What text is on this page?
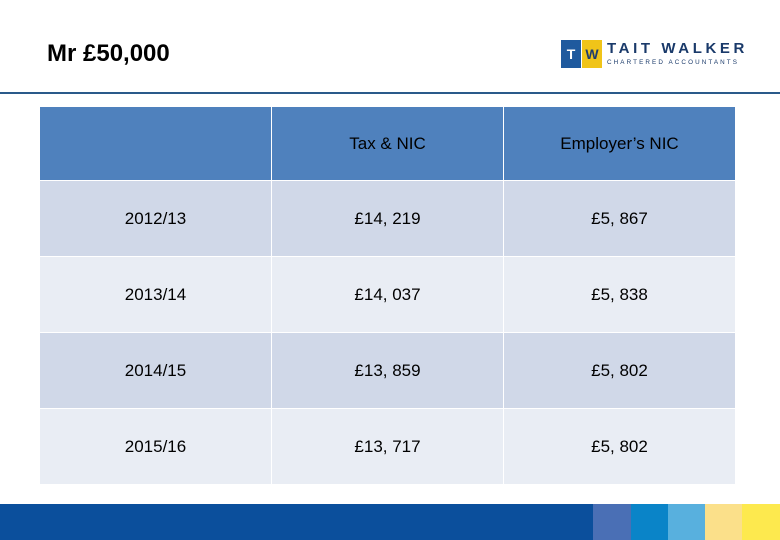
Mr £50,000	T W TAIT WALKER
CHARTERED ACCOUNTANTS
	Tax & NIC	Employer’s NIC
2012/13	£14, 219	£5, 867
2013/14	£14, 037	£5, 838
2014/15	£13, 859	£5, 802
2015/16	£13, 717	£5, 802
